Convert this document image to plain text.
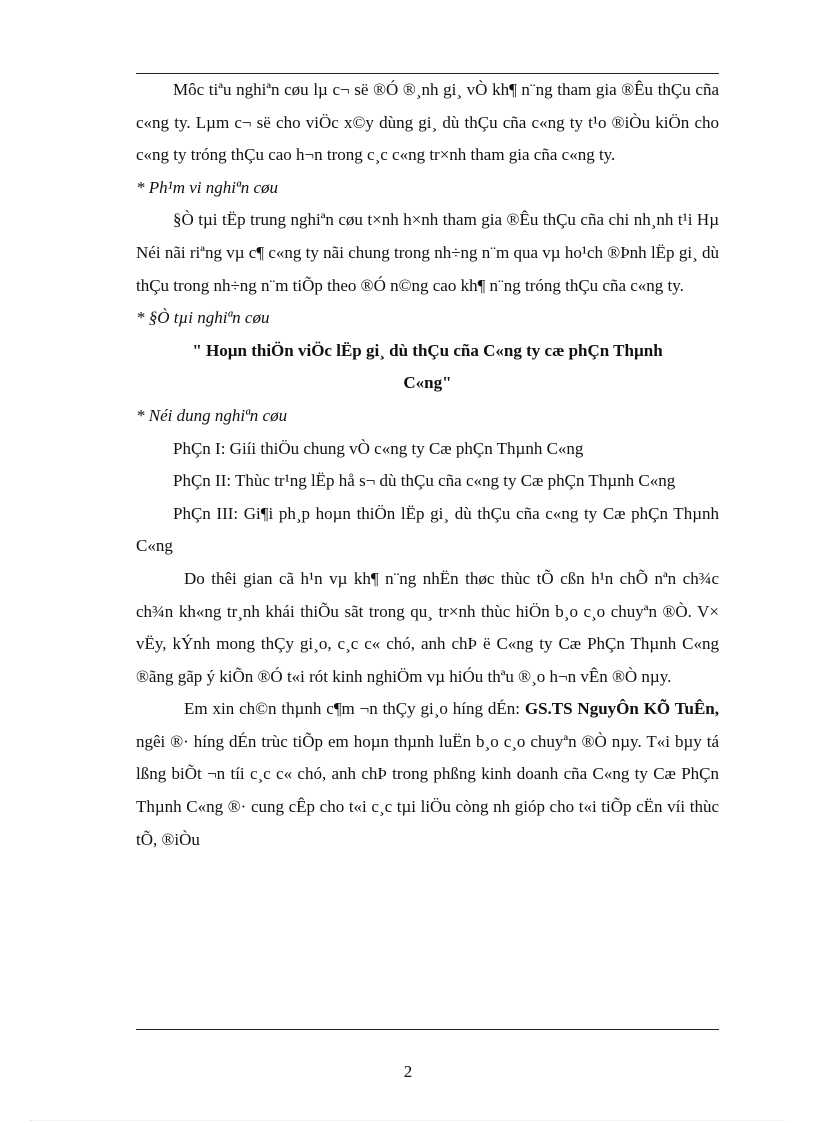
Môc tiªu nghiªn cøu lµ c¬ së ®Ó ®¸nh gi¸ vÒ kh¶ n¨ng tham gia ®Êu thÇu cña c«ng ty. Lµm c¬ së cho viÖc x©y dùng gi¸ dù thÇu cña c«ng ty t¹o ®iÒu kiÖn cho c«ng ty tróng thÇu cao h¬n trong c¸c c«ng tr×nh tham gia cña c«ng ty.

* Ph¹m vi nghiªn cøu

§Ò tµi tËp trung nghiªn cøu t×nh h×nh tham gia ®Êu thÇu cña chi nh¸nh t¹i Hµ Néi nãi riªng vµ c¶ c«ng ty nãi chung trong nh÷ng n¨m qua vµ ho¹ch ®Þnh lËp gi¸ dù thÇu trong nh÷ng n¨m tiÕp theo ®Ó n©ng cao kh¶ n¨ng tróng thÇu cña c«ng ty.

* §Ò tµi nghiªn cøu

" Hoµn thiÖn viÖc lËp gi¸ dù thÇu cña C«ng ty cæ phÇn Thµnh

C«ng"

* Néi dung nghiªn cøu

PhÇn I: Giíi thiÖu chung vÒ c«ng ty Cæ phÇn Thµnh C«ng

PhÇn II: Thùc tr¹ng lËp hå s¬ dù thÇu cña c«ng ty Cæ phÇn Thµnh C«ng

PhÇn III: Gi¶i ph¸p hoµn thiÖn lËp gi¸ dù thÇu cña c«ng ty Cæ phÇn Thµnh C«ng

Do thêi gian cã h¹n vµ kh¶ n¨ng nhËn thøc thùc tÕ cßn h¹n chÕ nªn ch¾c ch¾n kh«ng tr¸nh khái thiÕu sãt trong qu¸ tr×nh thùc hiÖn b¸o c¸o chuyªn ®Ò. V× vËy, kÝnh mong thÇy gi¸o, c¸c c« chó, anh chÞ ë C«ng ty Cæ PhÇn Thµnh C«ng ®ãng gãp ý kiÕn ®Ó t«i rót kinh nghiÖm vµ hiÓu thªu ®¸o h¬n vÊn ®Ò nµy.

Em xin ch©n thµnh c¶m ¬n thÇy gi¸o híng dÉn: GS.TS NguyÔn KÕ TuÊn, ngêi ®· híng dÉn trùc tiÕp em hoµn thµnh luËn b¸o c¸o chuyªn ®Ò nµy. T«i bµy tá lßng biÕt ¬n tíi c¸c c« chó, anh chÞ trong phßng kinh doanh cña C«ng ty Cæ PhÇn Thµnh C«ng ®· cung cÊp cho t«i c¸c tµi liÖu còng nh gióp cho t«i tiÕp cËn víi thùc tÕ, ®iÒu

2
